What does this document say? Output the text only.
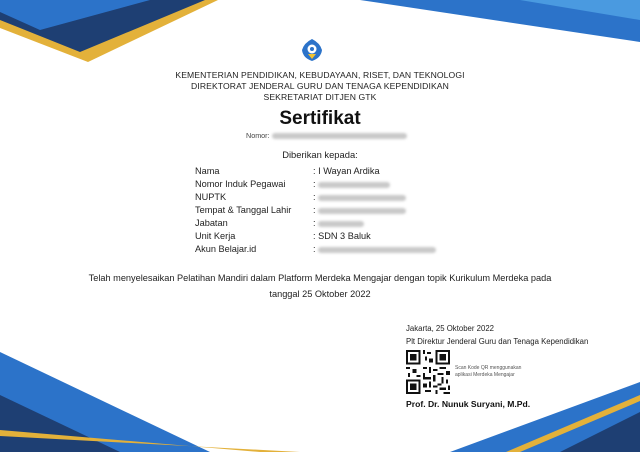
KEMENTERIAN PENDIDIKAN, KEBUDAYAAN, RISET, DAN TEKNOLOGI
DIREKTORAT JENDERAL GURU DAN TENAGA KEPENDIDIKAN
SEKRETARIAT DITJEN GTK
Sertifikat
Nomor:
Diberikan kepada:
Nama	: I Wayan Ardika
Nomor Induk Pegawai	:
NUPTK	:
Tempat & Tanggal Lahir :
Jabatan	:
Unit Kerja	: SDN 3 Baluk
Akun Belajar.id	:
Telah menyelesaikan Pelatihan Mandiri dalam Platform Merdeka Mengajar dengan topik Kurikulum Merdeka pada
tanggal 25 Oktober 2022
Jakarta, 25 Oktober 2022
Plt Direktur Jenderal Guru dan Tenaga Kependidikan
Scan Kode QR menggunakan aplikasi Merdeka Mengajar
Prof. Dr. Nunuk Suryani, M.Pd.
